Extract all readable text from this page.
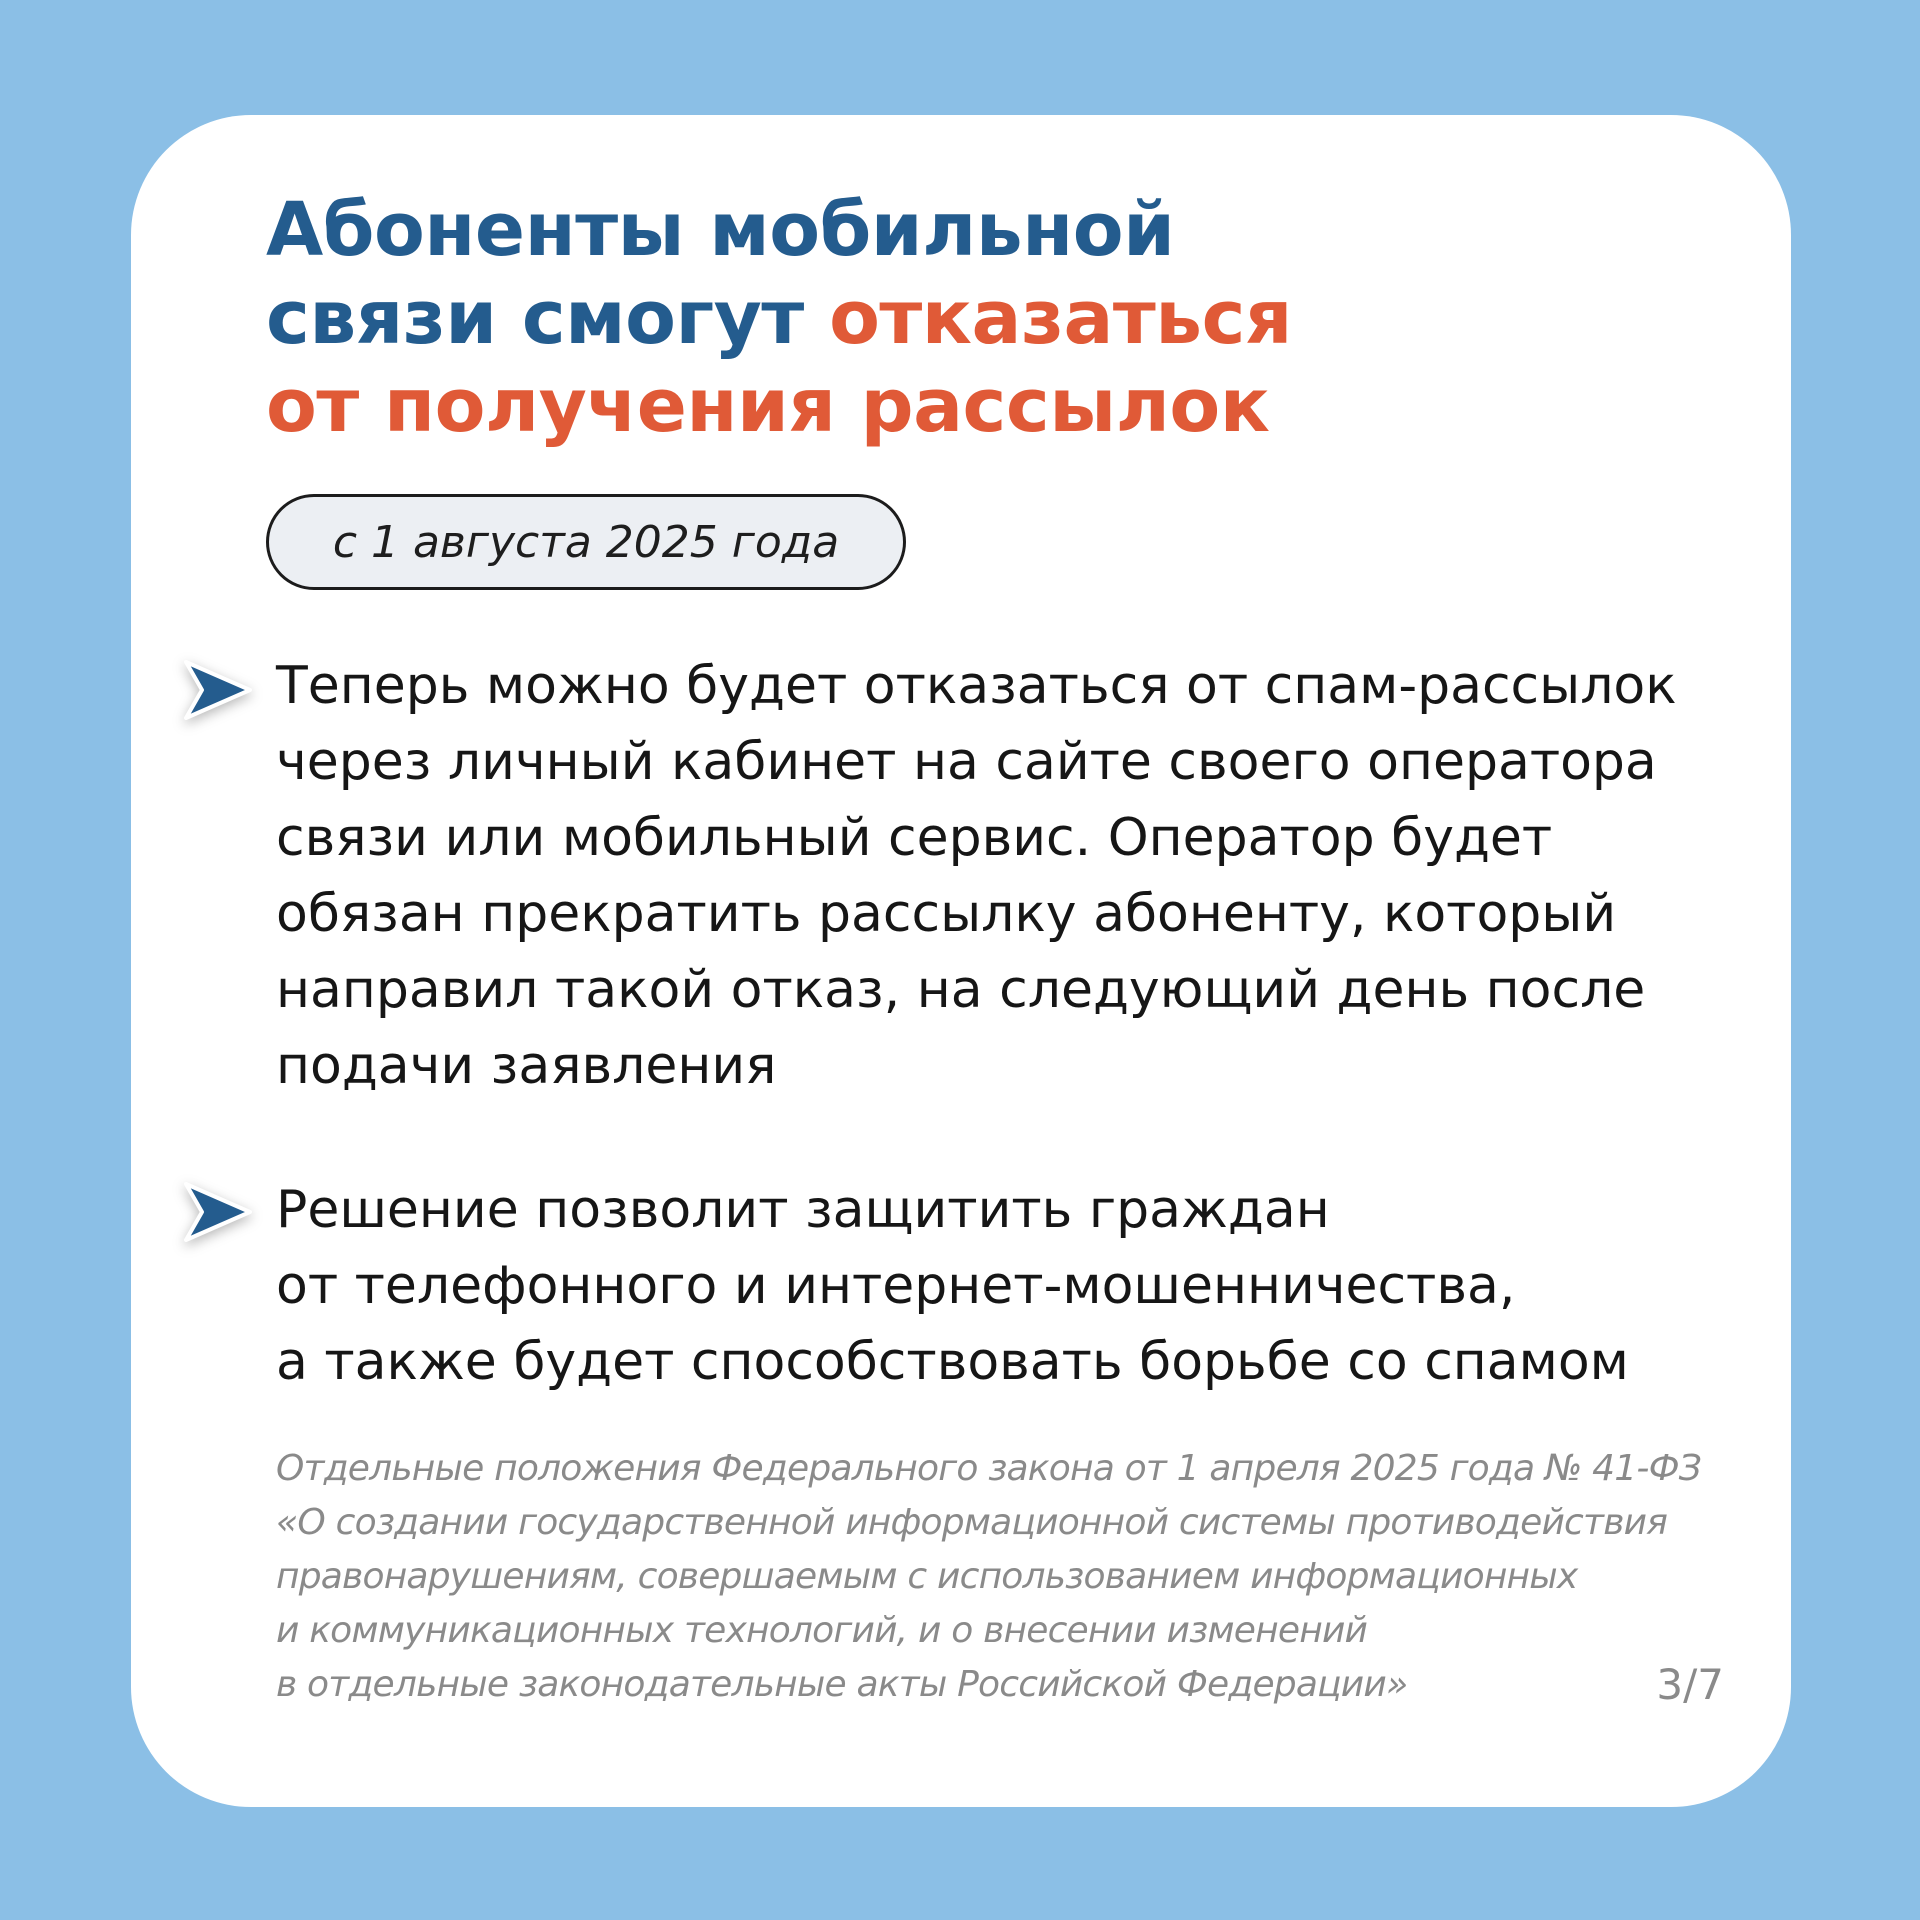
Абоненты мобильной
связи смогут отказаться
от получения рассылок
с 1 августа 2025 года

Теперь можно будет отказаться от спам-рассылок
через личный кабинет на сайте своего оператора
связи или мобильный сервис. Оператор будет
обязан прекратить рассылку абоненту, который
направил такой отказ, на следующий день после
подачи заявления

Решение позволит защитить граждан
от телефонного и интернет-мошенничества,
а также будет способствовать борьбе со спамом

Отдельные положения Федерального закона от 1 апреля 2025 года № 41-ФЗ
«О создании государственной информационной системы противодействия
правонарушениям, совершаемым с использованием информационных
и коммуникационных технологий, и о внесении изменений
в отдельные законодательные акты Российской Федерации»	3/7
